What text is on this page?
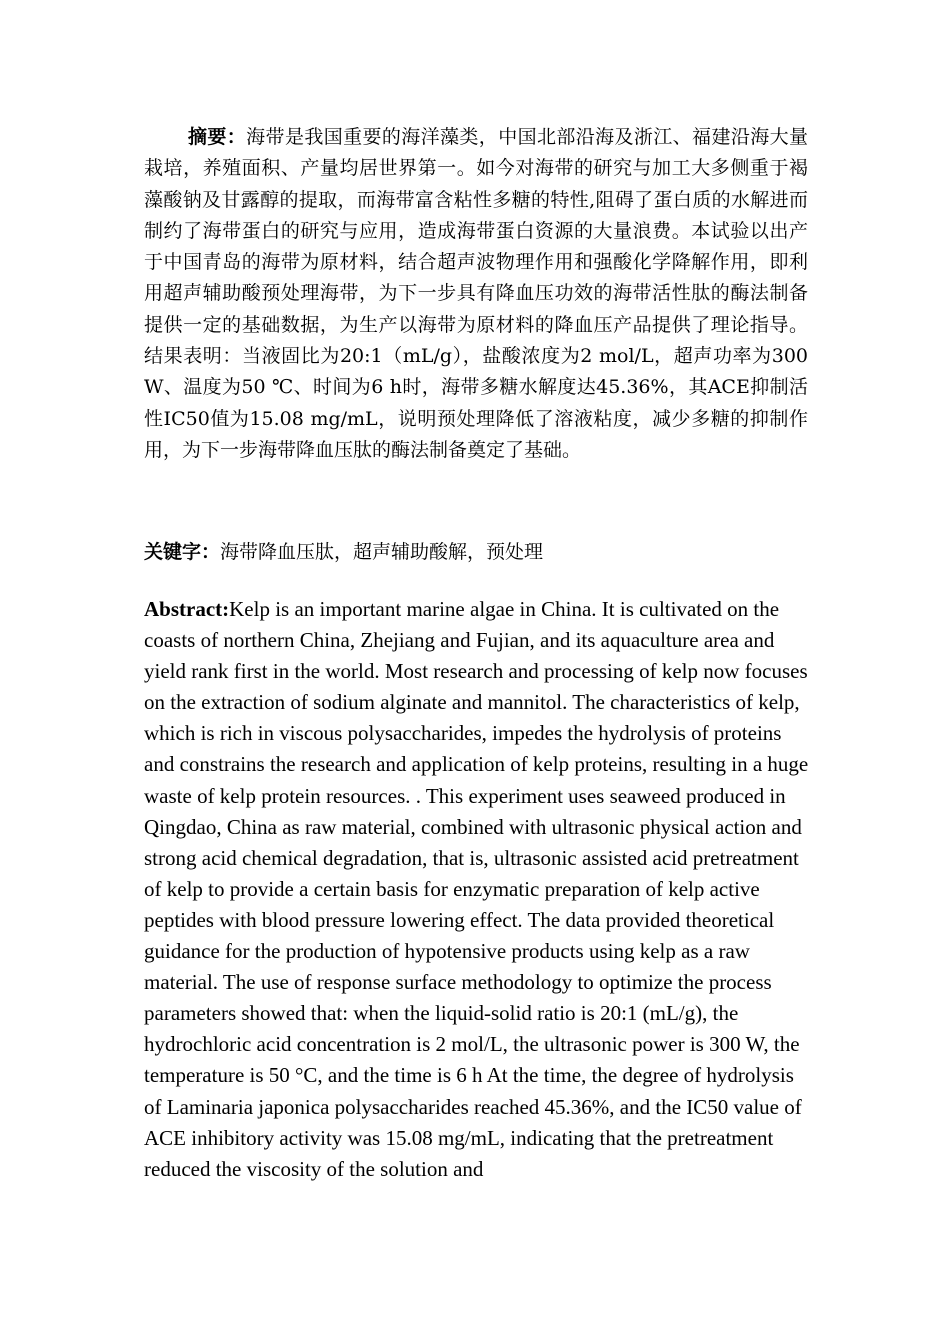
摘要：海带是我国重要的海洋藻类，中国北部沿海及浙江、福建沿海大量栽培，养殖面积、产量均居世界第一。如今对海带的研究与加工大多侧重于褐藻酸钠及甘露醇的提取，而海带富含粘性多糖的特性,阻碍了蛋白质的水解进而制约了海带蛋白的研究与应用，造成海带蛋白资源的大量浪费。本试验以出产于中国青岛的海带为原材料，结合超声波物理作用和强酸化学降解作用，即利用超声辅助酸预处理海带，为下一步具有降血压功效的海带活性肽的酶法制备提供一定的基础数据，为生产以海带为原材料的降血压产品提供了理论指导。结果表明：当液固比为20:1（mL/g），盐酸浓度为2 mol/L，超声功率为300 W、温度为50 ℃、时间为6 h时，海带多糖水解度达45.36%，其ACE抑制活性IC50值为15.08 mg/mL，说明预处理降低了溶液粘度，减少多糖的抑制作用，为下一步海带降血压肽的酶法制备奠定了基础。

关键字：海带降血压肽，超声辅助酸解，预处理

Abstract:Kelp is an important marine algae in China. It is cultivated on the coasts of northern China, Zhejiang and Fujian, and its aquaculture area and yield rank first in the world. Most research and processing of kelp now focuses on the extraction of sodium alginate and mannitol. The characteristics of kelp, which is rich in viscous polysaccharides, impedes the hydrolysis of proteins and constrains the research and application of kelp proteins, resulting in a huge waste of kelp protein resources. . This experiment uses seaweed produced in Qingdao, China as raw material, combined with ultrasonic physical action and strong acid chemical degradation, that is, ultrasonic assisted acid pretreatment of kelp to provide a certain basis for enzymatic preparation of kelp active peptides with blood pressure lowering effect. The data provided theoretical guidance for the production of hypotensive products using kelp as a raw material. The use of response surface methodology to optimize the process parameters showed that: when the liquid-solid ratio is 20:1 (mL/g), the hydrochloric acid concentration is 2 mol/L, the ultrasonic power is 300 W, the temperature is 50 °C, and the time is 6 h At the time, the degree of hydrolysis of Laminaria japonica polysaccharides reached 45.36%, and the IC50 value of ACE inhibitory activity was 15.08 mg/mL, indicating that the pretreatment reduced the viscosity of the solution and
